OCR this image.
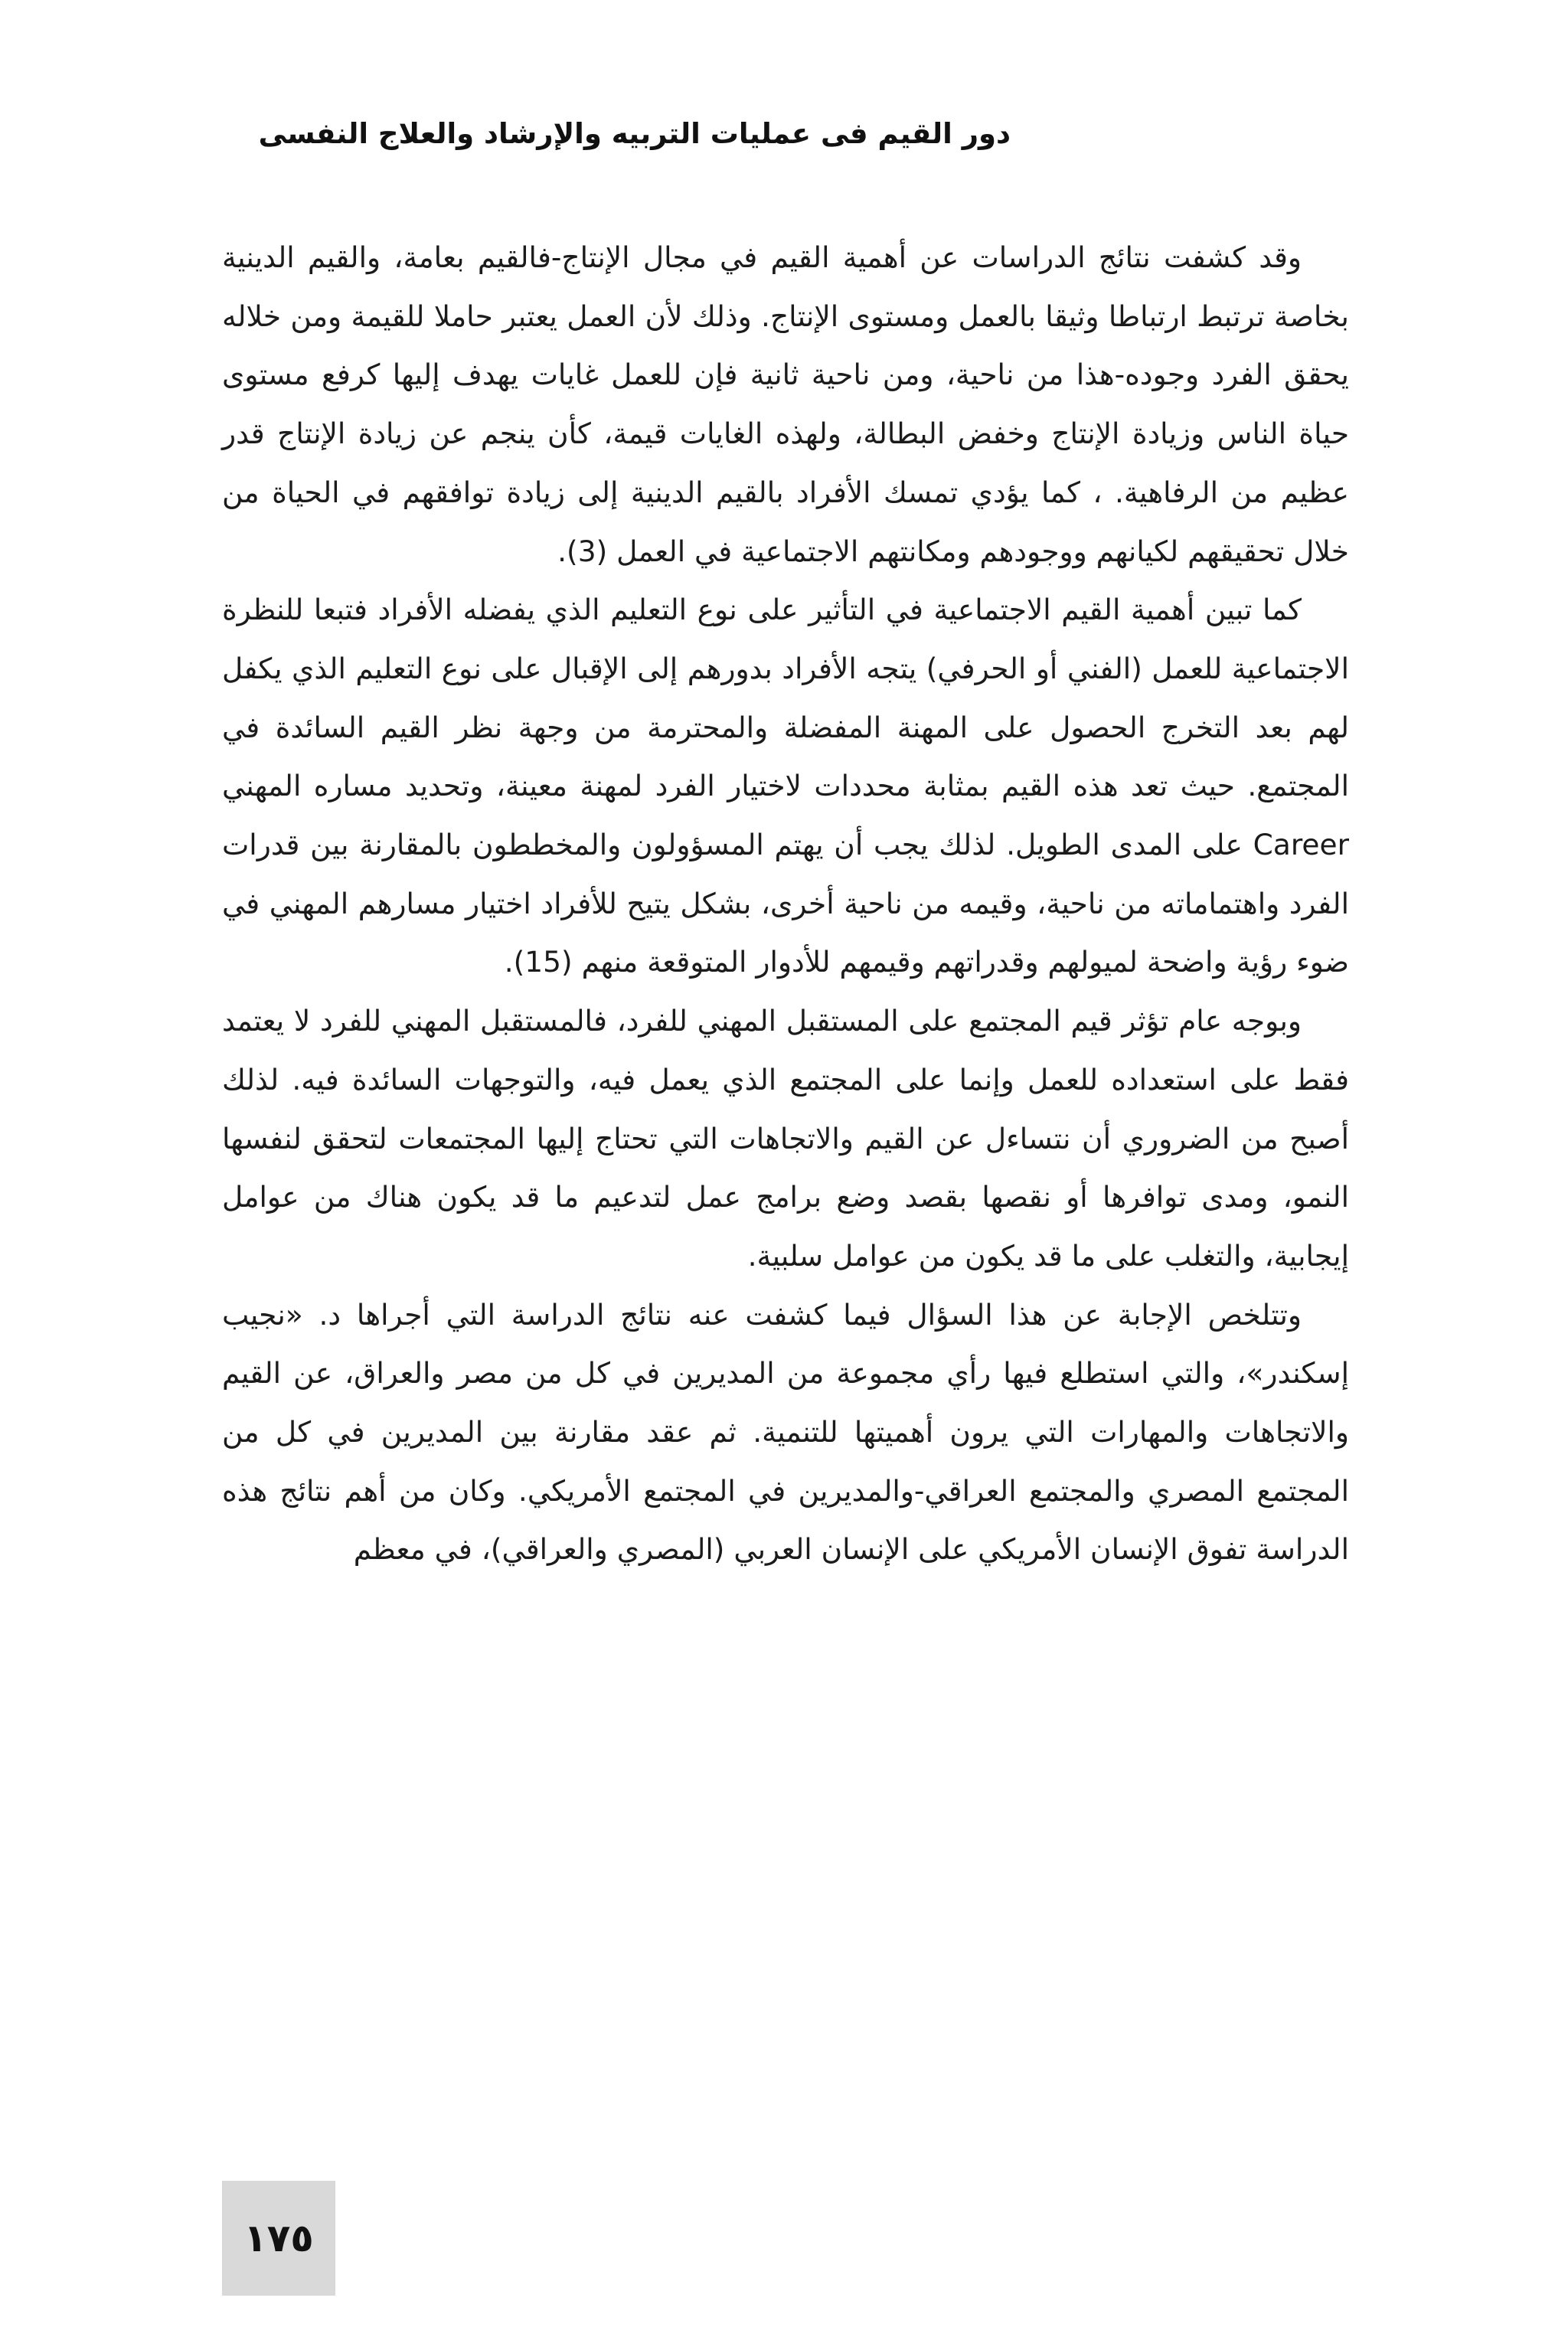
دور القيم فى عمليات التربيه والإرشاد والعلاج النفسى

وقد كشفت نتائج الدراسات عن أهمية القيم في مجال الإنتاج-فالقيم بعامة، والقيم الدينية بخاصة ترتبط ارتباطا وثيقا بالعمل ومستوى الإنتاج. وذلك لأن العمل يعتبر حاملا للقيمة ومن خلاله يحقق الفرد وجوده-هذا من ناحية، ومن ناحية ثانية فإن للعمل غايات يهدف إليها كرفع مستوى حياة الناس وزيادة الإنتاج وخفض البطالة، ولهذه الغايات قيمة، كأن ينجم عن زيادة الإنتاج قدر عظيم من الرفاهية. ، كما يؤدي تمسك الأفراد بالقيم الدينية إلى زيادة توافقهم في الحياة من خلال تحقيقهم لكيانهم ووجودهم ومكانتهم الاجتماعية في العمل (3).

كما تبين أهمية القيم الاجتماعية في التأثير على نوع التعليم الذي يفضله الأفراد فتبعا للنظرة الاجتماعية للعمل (الفني أو الحرفي) يتجه الأفراد بدورهم إلى الإقبال على نوع التعليم الذي يكفل لهم بعد التخرج الحصول على المهنة المفضلة والمحترمة من وجهة نظر القيم السائدة في المجتمع. حيث تعد هذه القيم بمثابة محددات لاختيار الفرد لمهنة معينة، وتحديد مساره المهني Career على المدى الطويل. لذلك يجب أن يهتم المسؤولون والمخططون بالمقارنة بين قدرات الفرد واهتماماته من ناحية، وقيمه من ناحية أخرى، بشكل يتيح للأفراد اختيار مسارهم المهني في ضوء رؤية واضحة لميولهم وقدراتهم وقيمهم للأدوار المتوقعة منهم (15).

وبوجه عام تؤثر قيم المجتمع على المستقبل المهني للفرد، فالمستقبل المهني للفرد لا يعتمد فقط على استعداده للعمل وإنما على المجتمع الذي يعمل فيه، والتوجهات السائدة فيه. لذلك أصبح من الضروري أن نتساءل عن القيم والاتجاهات التي تحتاج إليها المجتمعات لتحقق لنفسها النمو، ومدى توافرها أو نقصها بقصد وضع برامج عمل لتدعيم ما قد يكون هناك من عوامل إيجابية، والتغلب على ما قد يكون من عوامل سلبية.

وتتلخص الإجابة عن هذا السؤال فيما كشفت عنه نتائج الدراسة التي أجراها د. «نجيب إسكندر»، والتي استطلع فيها رأي مجموعة من المديرين في كل من مصر والعراق، عن القيم والاتجاهات والمهارات التي يرون أهميتها للتنمية. ثم عقد مقارنة بين المديرين في كل من المجتمع المصري والمجتمع العراقي-والمديرين في المجتمع الأمريكي. وكان من أهم نتائج هذه الدراسة تفوق الإنسان الأمريكي على الإنسان العربي (المصري والعراقي)، في معظم

١٧٥
